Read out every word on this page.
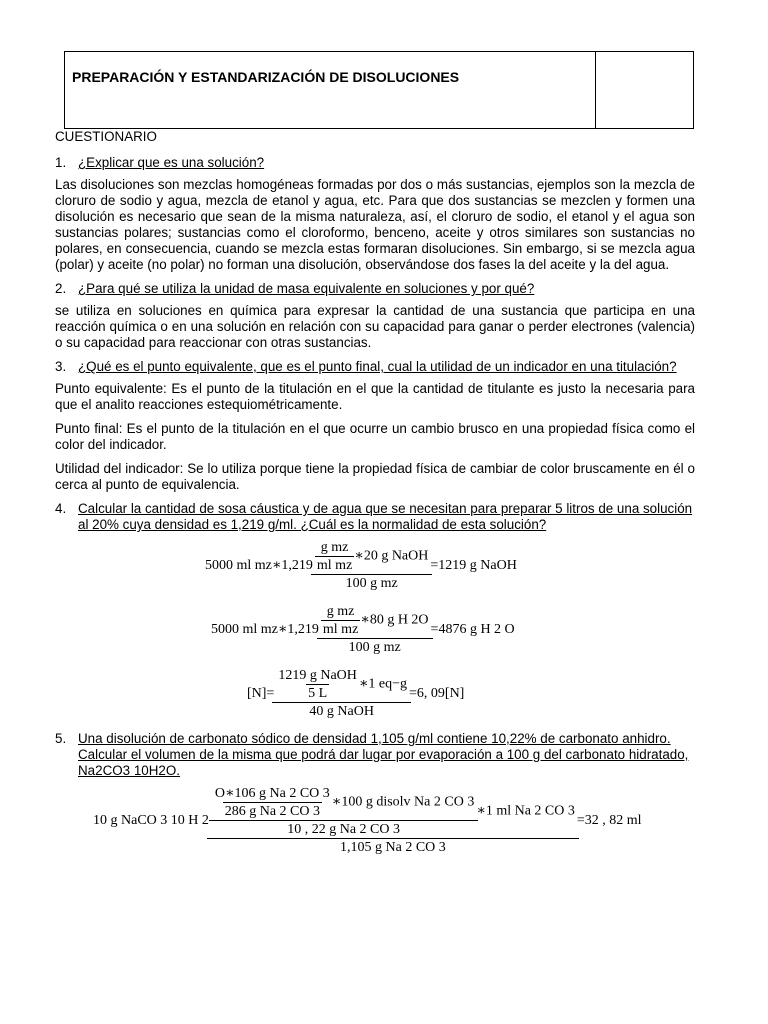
PREPARACIÓN Y ESTANDARIZACIÓN DE DISOLUCIONES
CUESTIONARIO
1. ¿Explicar que es una solución?

Las disoluciones son mezclas homogéneas formadas por dos o más sustancias, ejemplos son la mezcla de cloruro de sodio y agua, mezcla de etanol y agua, etc. Para que dos sustancias se mezclen y formen una disolución es necesario que sean de la misma naturaleza, así, el cloruro de sodio, el etanol y el agua son sustancias polares; sustancias como el cloroformo, benceno, aceite y otros similares son sustancias no polares, en consecuencia, cuando se mezcla estas formaran disoluciones. Sin embargo, si se mezcla agua (polar) y aceite (no polar) no forman una disolución, observándose dos fases la del aceite y la del agua.

2. ¿Para qué se utiliza la unidad de masa equivalente en soluciones y por qué?

se utiliza en soluciones en química para expresar la cantidad de una sustancia que participa en una reacción química o en una solución en relación con su capacidad para ganar o perder electrones (valencia) o su capacidad para reaccionar con otras sustancias.

3. ¿Qué es el punto equivalente, que es el punto final, cual la utilidad de un indicador en una titulación?

Punto equivalente: Es el punto de la titulación en el que la cantidad de titulante es justo la necesaria para que el analito reacciones estequiométricamente.

Punto final: Es el punto de la titulación en el que ocurre un cambio brusco en una propiedad física como el color del indicador.

Utilidad del indicador: Se lo utiliza porque tiene la propiedad física de cambiar de color bruscamente en él o cerca al punto de equivalencia.

4. Calcular la cantidad de sosa cáustica y de agua que se necesitan para preparar 5 litros de una solución al 20% cuya densidad es 1,219 g/ml. ¿Cuál es la normalidad de esta solución?
5000 ml mz∗1,219 $\frac{\frac{\text{g mz}}{\text{ml mz}} ∗20 g NaOH}{\text{100 g mz}} =1219$ g NaOH
5000 ml mz∗1,219 $\frac{\frac{\text{g mz}}{\text{ml mz}} ∗80 g H 2O}{\text{100 g mz}} =4876$ g H 2 O
$[N]= \frac{\frac{\text{1219 g NaOH}}{5 L} ∗1 eq-g}{\text{40 g NaOH}} =6$, 09[N]
5. Una disolución de carbonato sódico de densidad 1,105 g/ml contiene 10,22% de carbonato anhidro. Calcular el volumen de la misma que podrá dar lugar por evaporación a 100 g del carbonato hidratado, Na2CO3 10H2O.
10 g NaCO 3 10 H 2
$\frac{\text{O∗106 g Na 2 CO 3}}{\text{286 g Na 2 CO 3}}$ ∗100 g disolv Na 2 CO 3
10 , 22 g Na 2 CO 3
∗1 ml Na 2 CO 3
1,105 g Na 2 CO 3
=32 , 82 ml
